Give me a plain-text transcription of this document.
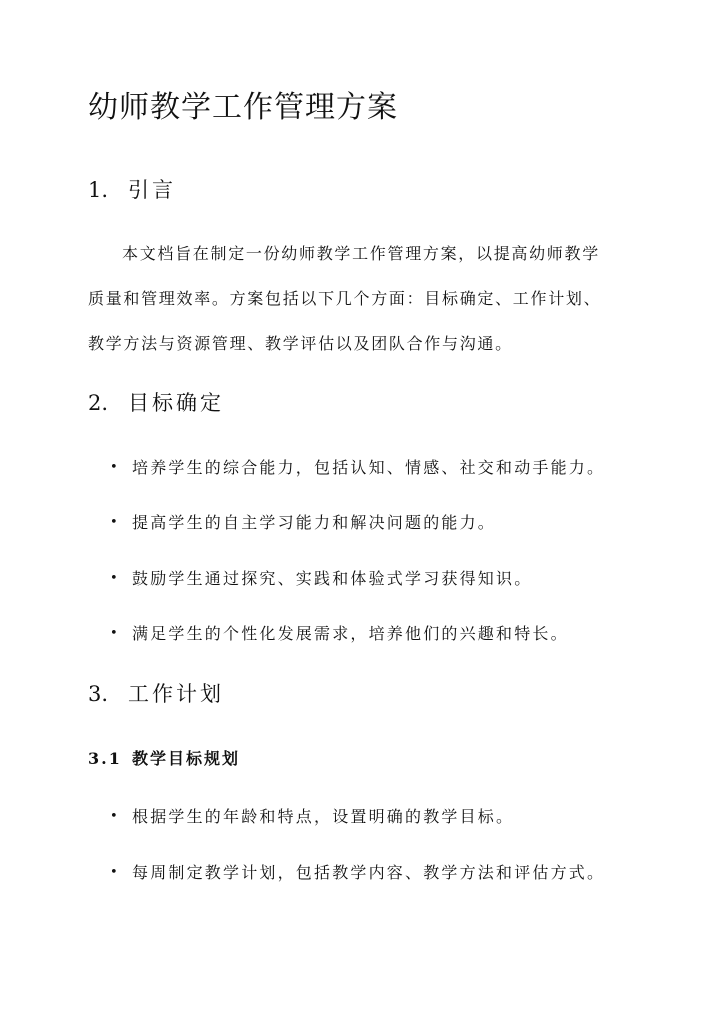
幼师教学工作管理方案
1. 引言
本文档旨在制定一份幼师教学工作管理方案，以提高幼师教学
质量和管理效率。方案包括以下几个方面：目标确定、工作计划、
教学方法与资源管理、教学评估以及团队合作与沟通。
2. 目标确定
• 培养学生的综合能力，包括认知、情感、社交和动手能力。
• 提高学生的自主学习能力和解决问题的能力。
• 鼓励学生通过探究、实践和体验式学习获得知识。
• 满足学生的个性化发展需求，培养他们的兴趣和特长。
3. 工作计划
3.1 教学目标规划
• 根据学生的年龄和特点，设置明确的教学目标。
• 每周制定教学计划，包括教学内容、教学方法和评估方式。
